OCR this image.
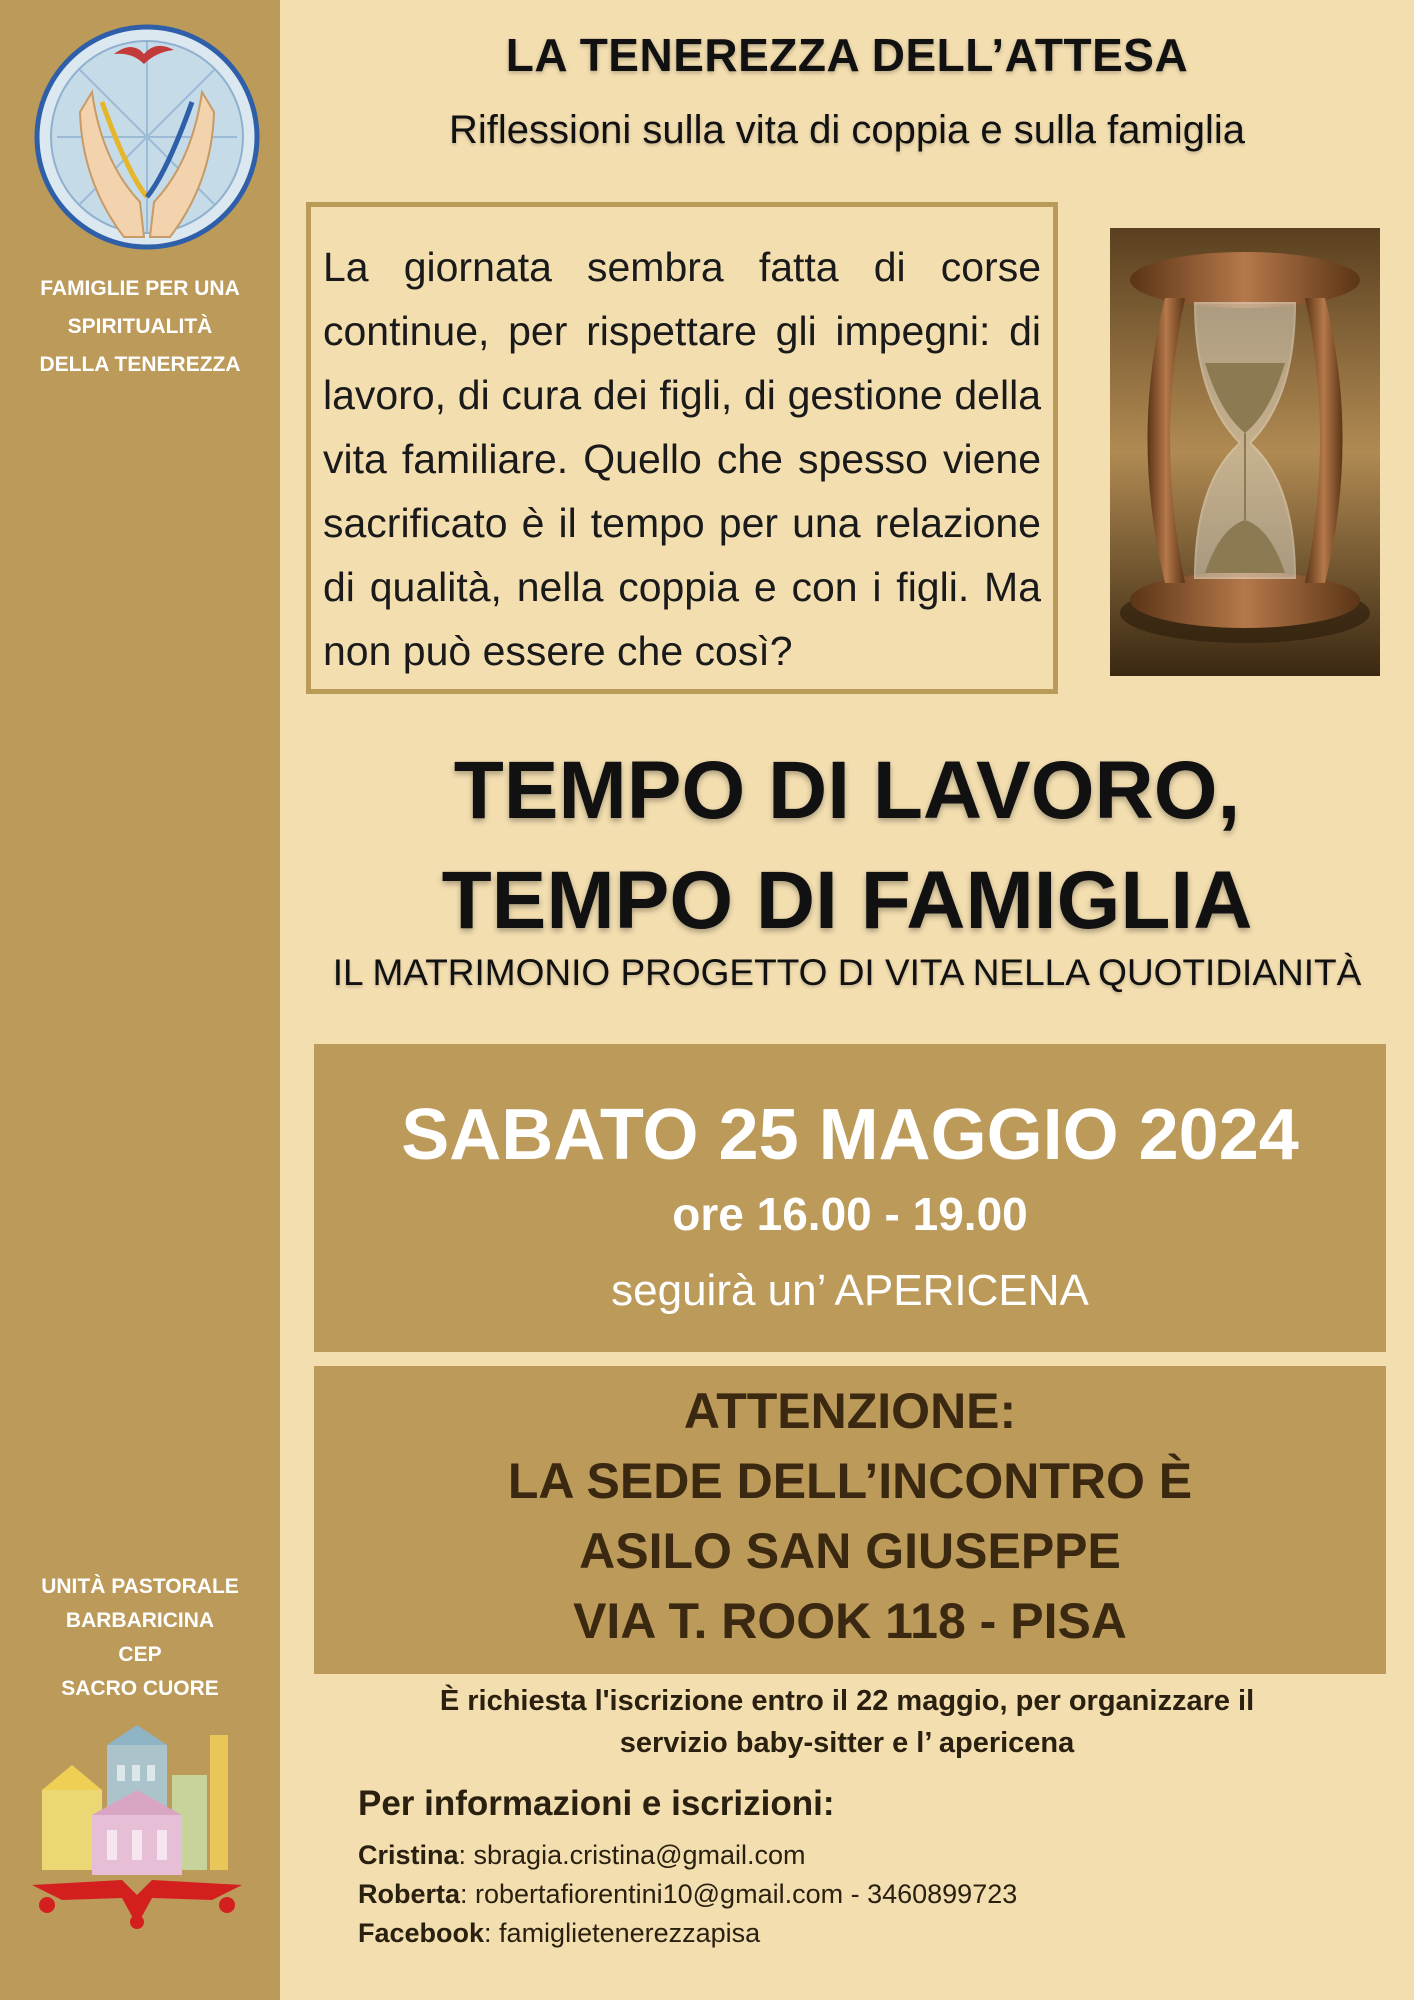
FAMIGLIE PER UNA
SPIRITUALITÀ
DELLA TENEREZZA
UNITÀ PASTORALE
BARBARICINA
CEP
SACRO CUORE
LA TENEREZZA DELL’ATTESA
Riflessioni sulla vita di coppia e sulla famiglia
La giornata sembra fatta di corse continue, per rispettare gli impegni: di lavoro, di cura dei figli, di gestione della vita familiare. Quello che spesso viene sacrificato è il tempo per una relazione di qualità, nella coppia e con i figli. Ma non può essere che così?
TEMPO DI LAVORO,
TEMPO DI FAMIGLIA
IL MATRIMONIO PROGETTO DI VITA NELLA QUOTIDIANITÀ
SABATO 25 MAGGIO 2024
ore 16.00 - 19.00
seguirà un’ APERICENA
ATTENZIONE:
LA SEDE DELL’INCONTRO È
ASILO SAN GIUSEPPE
VIA T. ROOK 118 - PISA
È richiesta l'iscrizione entro il 22 maggio, per organizzare il
servizio baby-sitter e l’ apericena
Per informazioni e iscrizioni:
Cristina: sbragia.cristina@gmail.com
Roberta: robertafiorentini10@gmail.com - 3460899723
Facebook: famiglietenerezzapisa
